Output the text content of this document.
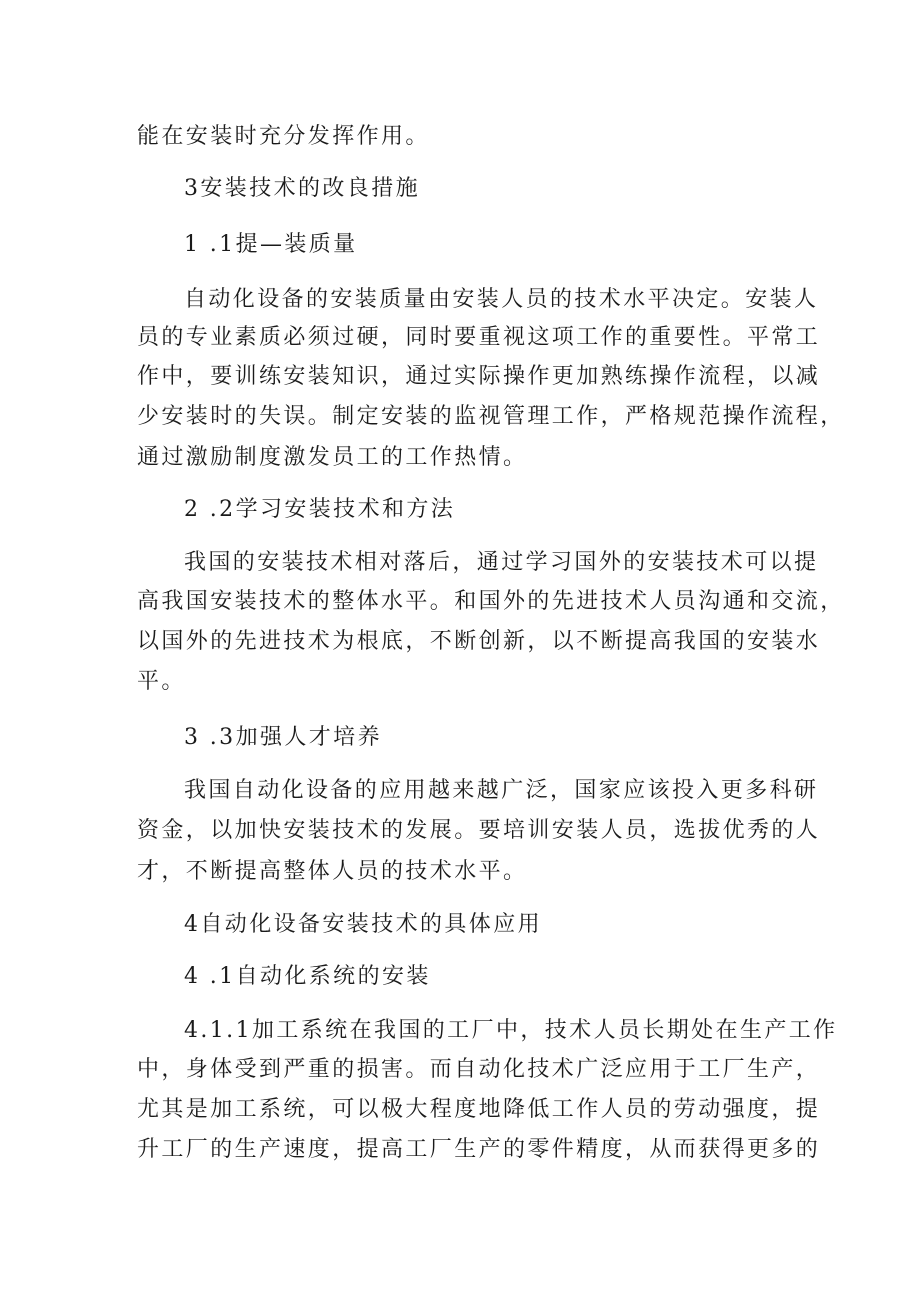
能在安装时充分发挥作用。
3安装技术的改良措施
1 .1提—装质量
自动化设备的安装质量由安装人员的技术水平决定。安装人
员的专业素质必须过硬，同时要重视这项工作的重要性。平常工
作中，要训练安装知识，通过实际操作更加熟练操作流程，以减
少安装时的失误。制定安装的监视管理工作，严格规范操作流程，
通过激励制度激发员工的工作热情。
2 .2学习安装技术和方法
我国的安装技术相对落后，通过学习国外的安装技术可以提
高我国安装技术的整体水平。和国外的先进技术人员沟通和交流，
以国外的先进技术为根底，不断创新，以不断提高我国的安装水
平。
3 .3加强人才培养
我国自动化设备的应用越来越广泛，国家应该投入更多科研
资金，以加快安装技术的发展。要培训安装人员，选拔优秀的人
才，不断提高整体人员的技术水平。
4自动化设备安装技术的具体应用
4 .1自动化系统的安装
4.1.1加工系统在我国的工厂中，技术人员长期处在生产工作
中，身体受到严重的损害。而自动化技术广泛应用于工厂生产，
尤其是加工系统，可以极大程度地降低工作人员的劳动强度，提
升工厂的生产速度，提高工厂生产的零件精度，从而获得更多的
